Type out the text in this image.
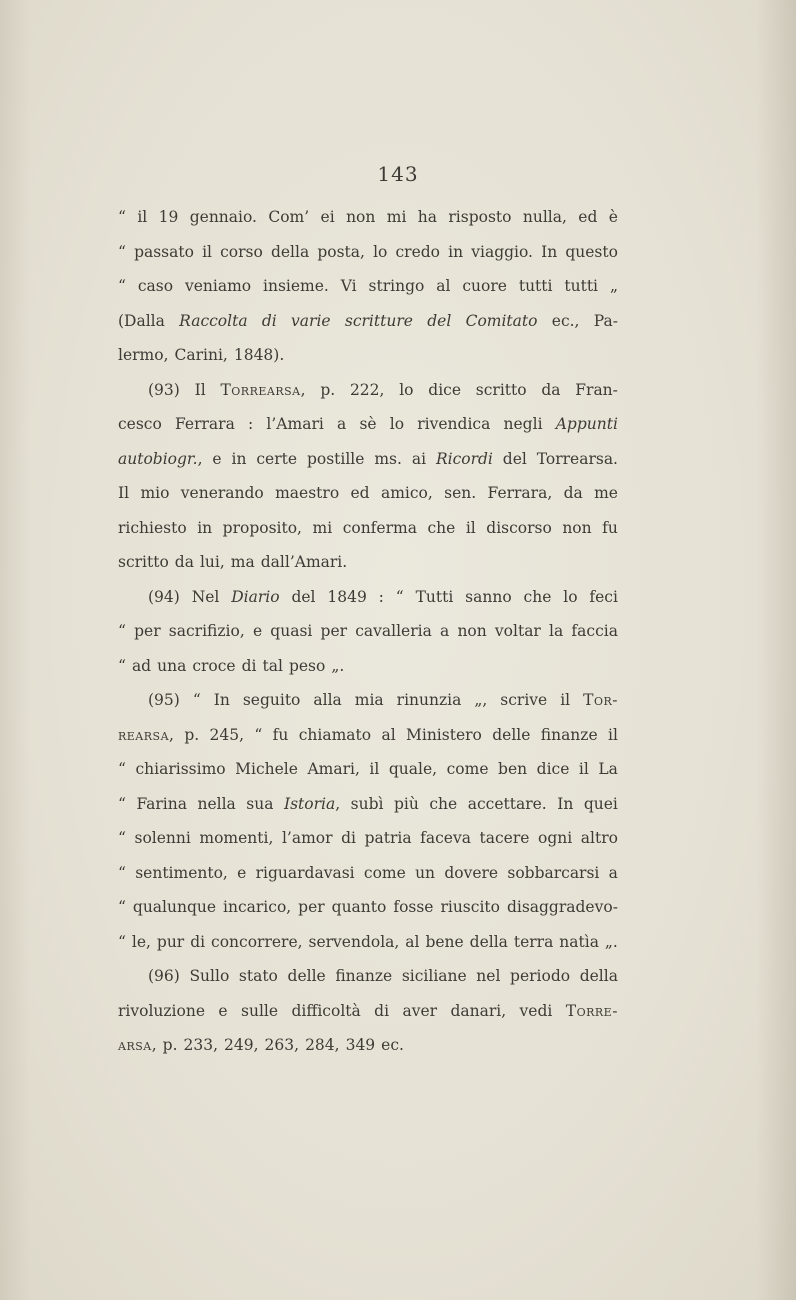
143
“ il 19 gennaio. Com’ ei non mi ha risposto nulla, ed è
“ passato il corso della posta, lo credo in viaggio. In questo
“ caso veniamo insieme. Vi stringo al cuore tutti tutti „
(Dalla Raccolta di varie scritture del Comitato ec., Pa-
lermo, Carini, 1848).
(93) Il Torrearsa, p. 222, lo dice scritto da Fran-
cesco Ferrara : l’Amari a sè lo rivendica negli Appunti
autobiogr., e in certe postille ms. ai Ricordi del Torrearsa.
Il mio venerando maestro ed amico, sen. Ferrara, da me
richiesto in proposito, mi conferma che il discorso non fu
scritto da lui, ma dall’Amari.
(94) Nel Diario del 1849 : “ Tutti sanno che lo feci
“ per sacrifizio, e quasi per cavalleria a non voltar la faccia
“ ad una croce di tal peso „.
(95) “ In seguito alla mia rinunzia „, scrive il Tor-
rearsa, p. 245, “ fu chiamato al Ministero delle finanze il
“ chiarissimo Michele Amari, il quale, come ben dice il La
“ Farina nella sua Istoria, subì più che accettare. In quei
“ solenni momenti, l’amor di patria faceva tacere ogni altro
“ sentimento, e riguardavasi come un dovere sobbarcarsi a
“ qualunque incarico, per quanto fosse riuscito disaggradevo-
“ le, pur di concorrere, servendola, al bene della terra natìa „.
(96) Sullo stato delle finanze siciliane nel periodo della
rivoluzione e sulle difficoltà di aver danari, vedi Torre-
arsa, p. 233, 249, 263, 284, 349 ec.
